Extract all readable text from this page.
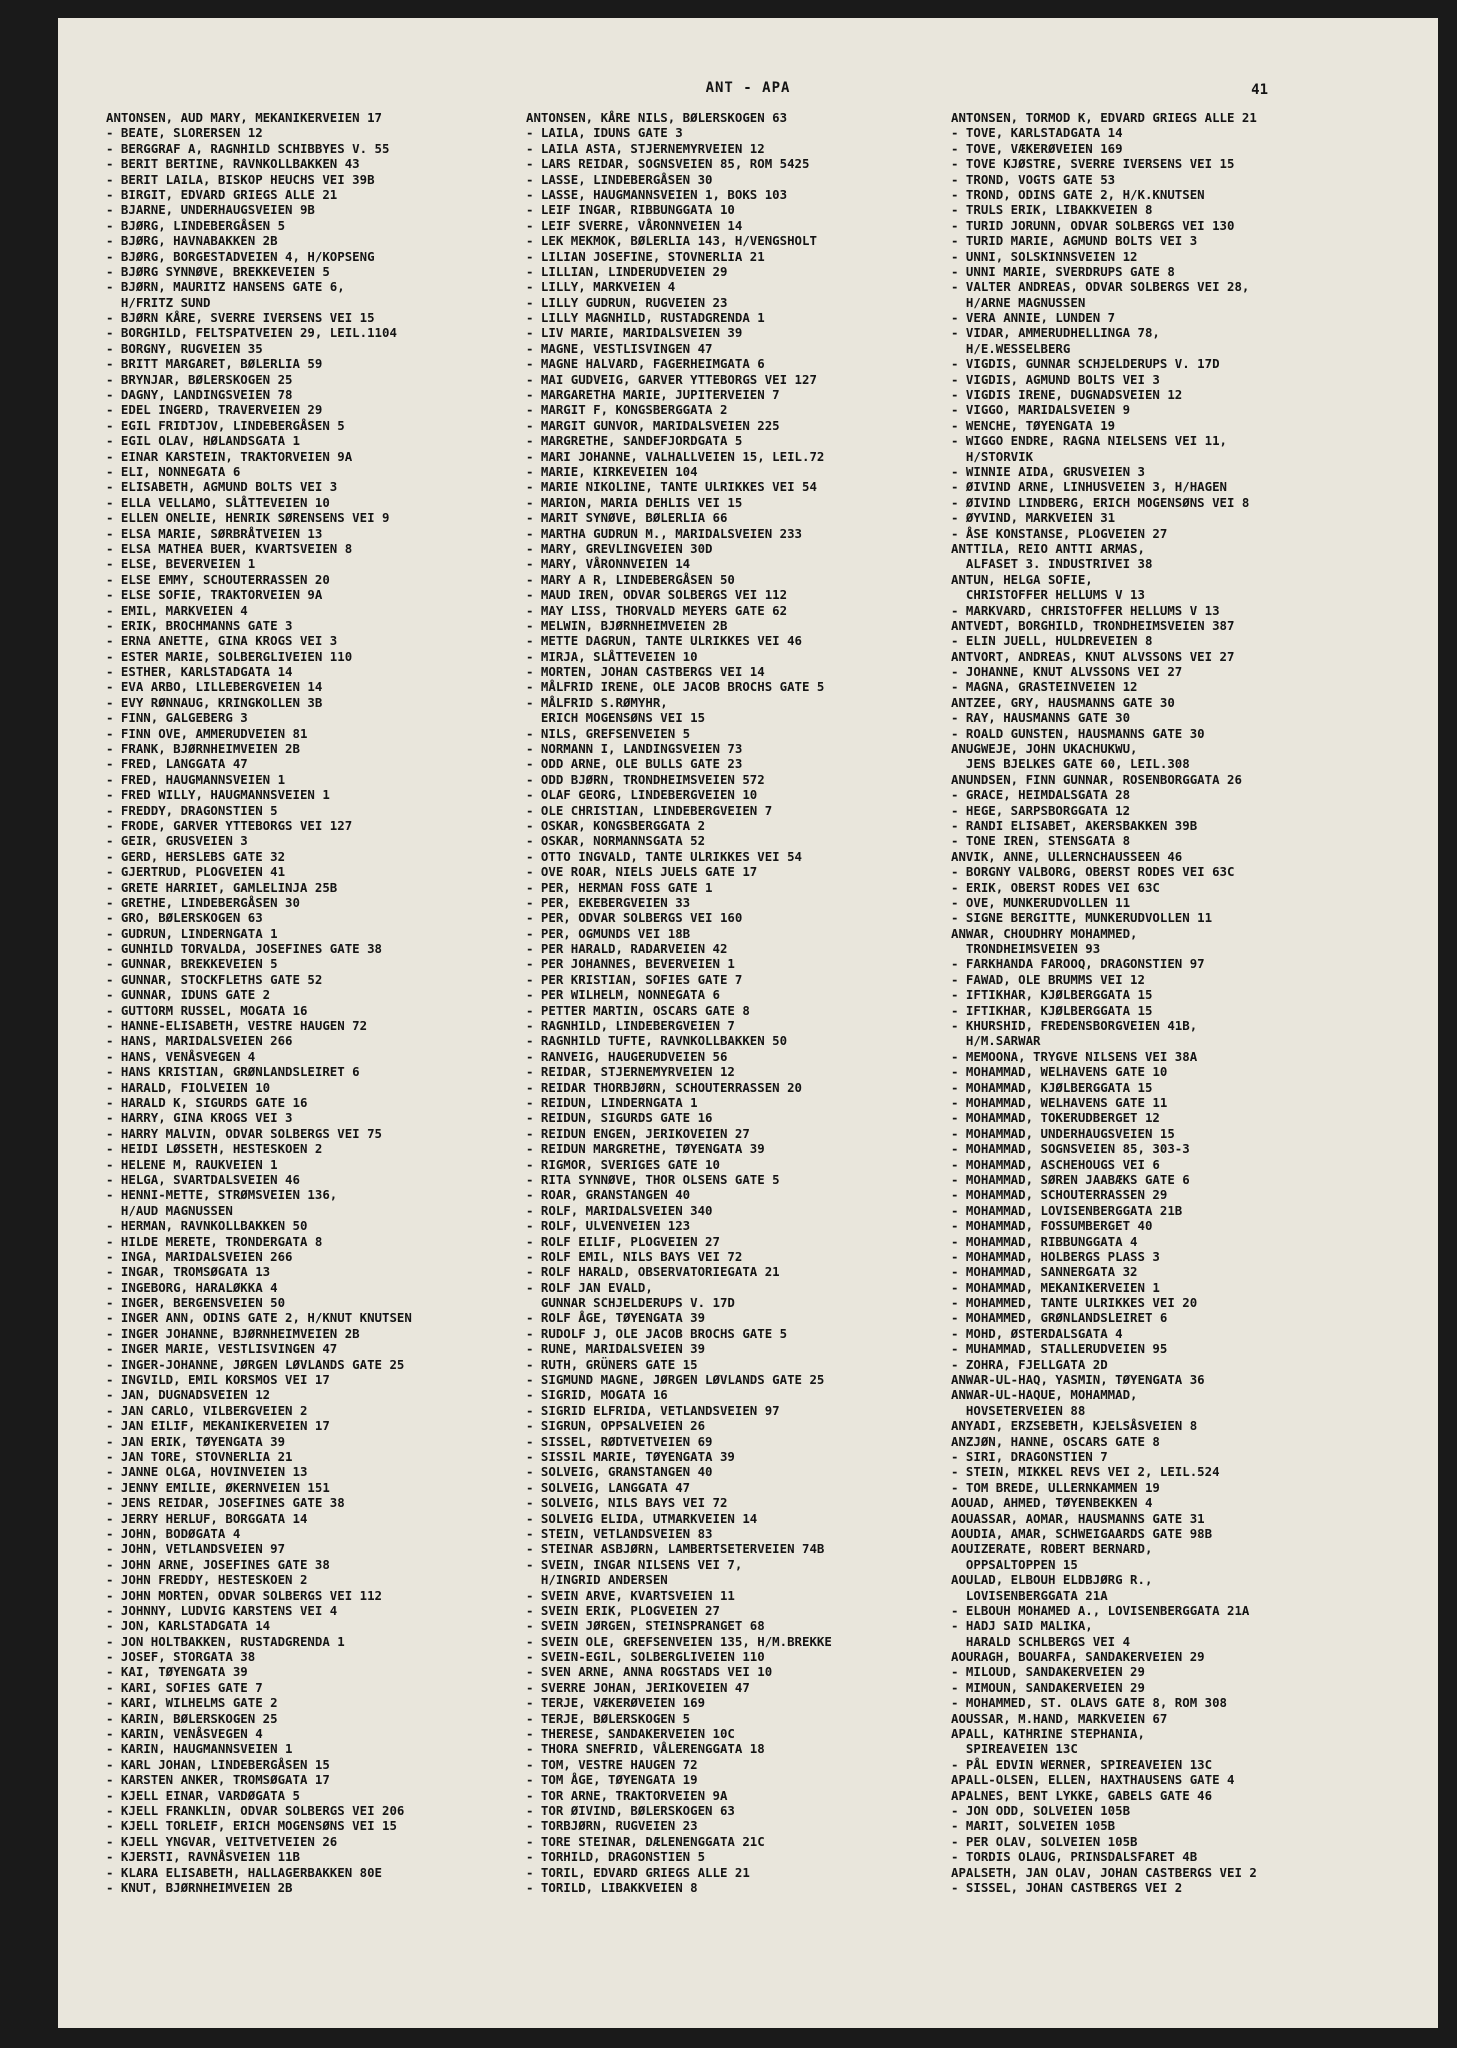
ANT - APA	41
ANTONSEN, AUD MARY, MEKANIKERVEIEN 17
- BEATE, SLORERSEN 12
- BERGGRAF A, RAGNHILD SCHIBBYES V. 55
- BERIT BERTINE, RAVNKOLLBAKKEN 43
- BERIT LAILA, BISKOP HEUCHS VEI 39B
- BIRGIT, EDVARD GRIEGS ALLE 21
- BJARNE, UNDERHAUGSVEIEN 9B
- BJØRG, LINDEBERGÅSEN 5
- BJØRG, HAVNABAKKEN 2B
- BJØRG, BORGESTADVEIEN 4, H/KOPSENG
- BJØRG SYNNØVE, BREKKEVEIEN 5
- BJØRN, MAURITZ HANSENS GATE 6,
H/FRITZ SUND
- BJØRN KÅRE, SVERRE IVERSENS VEI 15
- BORGHILD, FELTSPATVEIEN 29, LEIL.1104
- BORGNY, RUGVEIEN 35
- BRITT MARGARET, BØLERLIA 59
- BRYNJAR, BØLERSKOGEN 25
- DAGNY, LANDINGSVEIEN 78
- EDEL INGERD, TRAVERVEIEN 29
- EGIL FRIDTJOV, LINDEBERGÅSEN 5
- EGIL OLAV, HØLANDSGATA 1
- EINAR KARSTEIN, TRAKTORVEIEN 9A
- ELI, NONNEGATA 6
- ELISABETH, AGMUND BOLTS VEI 3
- ELLA VELLAMO, SLÅTTEVEIEN 10
- ELLEN ONELIE, HENRIK SØRENSENS VEI 9
- ELSA MARIE, SØRBRÅTVEIEN 13
- ELSA MATHEA BUER, KVARTSVEIEN 8
- ELSE, BEVERVEIEN 1
- ELSE EMMY, SCHOUTERRASSEN 20
- ELSE SOFIE, TRAKTORVEIEN 9A
- EMIL, MARKVEIEN 4
- ERIK, BROCHMANNS GATE 3
- ERNA ANETTE, GINA KROGS VEI 3
- ESTER MARIE, SOLBERGLIVEIEN 110
- ESTHER, KARLSTADGATA 14
- EVA ARBO, LILLEBERGVEIEN 14
- EVY RØNNAUG, KRINGKOLLEN 3B
- FINN, GALGEBERG 3
- FINN OVE, AMMERUDVEIEN 81
- FRANK, BJØRNHEIMVEIEN 2B
- FRED, LANGGATA 47
- FRED, HAUGMANNSVEIEN 1
- FRED WILLY, HAUGMANNSVEIEN 1
- FREDDY, DRAGONSTIEN 5
- FRODE, GARVER YTTEBORGS VEI 127
- GEIR, GRUSVEIEN 3
- GERD, HERSLEBS GATE 32
- GJERTRUD, PLOGVEIEN 41
- GRETE HARRIET, GAMLELINJA 25B
- GRETHE, LINDEBERGÅSEN 30
- GRO, BØLERSKOGEN 63
- GUDRUN, LINDERNGATA 1
- GUNHILD TORVALDA, JOSEFINES GATE 38
- GUNNAR, BREKKEVEIEN 5
- GUNNAR, STOCKFLETHS GATE 52
- GUNNAR, IDUNS GATE 2
- GUTTORM RUSSEL, MOGATA 16
- HANNE-ELISABETH, VESTRE HAUGEN 72
- HANS, MARIDALSVEIEN 266
- HANS, VENÅSVEGEN 4
- HANS KRISTIAN, GRØNLANDSLEIRET 6
- HARALD, FIOLVEIEN 10
- HARALD K, SIGURDS GATE 16
- HARRY, GINA KROGS VEI 3
- HARRY MALVIN, ODVAR SOLBERGS VEI 75
- HEIDI LØSSETH, HESTESKOEN 2
- HELENE M, RAUKVEIEN 1
- HELGA, SVARTDALSVEIEN 46
- HENNI-METTE, STRØMSVEIEN 136,
H/AUD MAGNUSSEN
- HERMAN, RAVNKOLLBAKKEN 50
- HILDE MERETE, TRONDERGATA 8
- INGA, MARIDALSVEIEN 266
- INGAR, TROMSØGATA 13
- INGEBORG, HARALØKKA 4
- INGER, BERGENSVEIEN 50
- INGER ANN, ODINS GATE 2, H/KNUT KNUTSEN
- INGER JOHANNE, BJØRNHEIMVEIEN 2B
- INGER MARIE, VESTLISVINGEN 47
- INGER-JOHANNE, JØRGEN LØVLANDS GATE 25
- INGVILD, EMIL KORSMOS VEI 17
- JAN, DUGNADSVEIEN 12
- JAN CARLO, VILBERGVEIEN 2
- JAN EILIF, MEKANIKERVEIEN 17
- JAN ERIK, TØYENGATA 39
- JAN TORE, STOVNERLIA 21
- JANNE OLGA, HOVINVEIEN 13
- JENNY EMILIE, ØKERNVEIEN 151
- JENS REIDAR, JOSEFINES GATE 38
- JERRY HERLUF, BORGGATA 14
- JOHN, BODØGATA 4
- JOHN, VETLANDSVEIEN 97
- JOHN ARNE, JOSEFINES GATE 38
- JOHN FREDDY, HESTESKOEN 2
- JOHN MORTEN, ODVAR SOLBERGS VEI 112
- JOHNNY, LUDVIG KARSTENS VEI 4
- JON, KARLSTADGATA 14
- JON HOLTBAKKEN, RUSTADGRENDA 1
- JOSEF, STORGATA 38
- KAI, TØYENGATA 39
- KARI, SOFIES GATE 7
- KARI, WILHELMS GATE 2
- KARIN, BØLERSKOGEN 25
- KARIN, VENÅSVEGEN 4
- KARIN, HAUGMANNSVEIEN 1
- KARL JOHAN, LINDEBERGÅSEN 15
- KARSTEN ANKER, TROMSØGATA 17
- KJELL EINAR, VARDØGATA 5
- KJELL FRANKLIN, ODVAR SOLBERGS VEI 206
- KJELL TORLEIF, ERICH MOGENSØNS VEI 15
- KJELL YNGVAR, VEITVETVEIEN 26
- KJERSTI, RAVNÅSVEIEN 11B
- KLARA ELISABETH, HALLAGERBAKKEN 80E
- KNUT, BJØRNHEIMVEIEN 2B
ANTONSEN, KÅRE NILS, BØLERSKOGEN 63
- LAILA, IDUNS GATE 3
- LAILA ASTA, STJERNEMYRVEIEN 12
- LARS REIDAR, SOGNSVEIEN 85, ROM 5425
- LASSE, LINDEBERGÅSEN 30
- LASSE, HAUGMANNSVEIEN 1, BOKS 103
- LEIF INGAR, RIBBUNGGATA 10
- LEIF SVERRE, VÅRONNVEIEN 14
- LEK MEKMOK, BØLERLIA 143, H/VENGSHOLT
- LILIAN JOSEFINE, STOVNERLIA 21
- LILLIAN, LINDERUDVEIEN 29
- LILLY, MARKVEIEN 4
- LILLY GUDRUN, RUGVEIEN 23
- LILLY MAGNHILD, RUSTADGRENDA 1
- LIV MARIE, MARIDALSVEIEN 39
- MAGNE, VESTLISVINGEN 47
- MAGNE HALVARD, FAGERHEIMGATA 6
- MAI GUDVEIG, GARVER YTTEBORGS VEI 127
- MARGARETHA MARIE, JUPITERVEIEN 7
- MARGIT F, KONGSBERGGATA 2
- MARGIT GUNVOR, MARIDALSVEIEN 225
- MARGRETHE, SANDEFJORDGATA 5
- MARI JOHANNE, VALHALLVEIEN 15, LEIL.72
- MARIE, KIRKEVEIEN 104
- MARIE NIKOLINE, TANTE ULRIKKES VEI 54
- MARION, MARIA DEHLIS VEI 15
- MARIT SYNØVE, BØLERLIA 66
- MARTHA GUDRUN M., MARIDALSVEIEN 233
- MARY, GREVLINGVEIEN 30D
- MARY, VÅRONNVEIEN 14
- MARY A R, LINDEBERGÅSEN 50
- MAUD IREN, ODVAR SOLBERGS VEI 112
- MAY LISS, THORVALD MEYERS GATE 62
- MELWIN, BJØRNHEIMVEIEN 2B
- METTE DAGRUN, TANTE ULRIKKES VEI 46
- MIRJA, SLÅTTEVEIEN 10
- MORTEN, JOHAN CASTBERGS VEI 14
- MÅLFRID IRENE, OLE JACOB BROCHS GATE 5
- MÅLFRID S.RØMYHR,
ERICH MOGENSØNS VEI 15
- NILS, GREFSENVEIEN 5
- NORMANN I, LANDINGSVEIEN 73
- ODD ARNE, OLE BULLS GATE 23
- ODD BJØRN, TRONDHEIMSVEIEN 572
- OLAF GEORG, LINDEBERGVEIEN 10
- OLE CHRISTIAN, LINDEBERGVEIEN 7
- OSKAR, KONGSBERGGATA 2
- OSKAR, NORMANNSGATA 52
- OTTO INGVALD, TANTE ULRIKKES VEI 54
- OVE ROAR, NIELS JUELS GATE 17
- PER, HERMAN FOSS GATE 1
- PER, EKEBERGVEIEN 33
- PER, ODVAR SOLBERGS VEI 160
- PER, OGMUNDS VEI 18B
- PER HARALD, RADARVEIEN 42
- PER JOHANNES, BEVERVEIEN 1
- PER KRISTIAN, SOFIES GATE 7
- PER WILHELM, NONNEGATA 6
- PETTER MARTIN, OSCARS GATE 8
- RAGNHILD, LINDEBERGVEIEN 7
- RAGNHILD TUFTE, RAVNKOLLBAKKEN 50
- RANVEIG, HAUGERUDVEIEN 56
- REIDAR, STJERNEMYRVEIEN 12
- REIDAR THORBJØRN, SCHOUTERRASSEN 20
- REIDUN, LINDERNGATA 1
- REIDUN, SIGURDS GATE 16
- REIDUN ENGEN, JERIKOVEIEN 27
- REIDUN MARGRETHE, TØYENGATA 39
- RIGMOR, SVERIGES GATE 10
- RITA SYNNØVE, THOR OLSENS GATE 5
- ROAR, GRANSTANGEN 40
- ROLF, MARIDALSVEIEN 340
- ROLF, ULVENVEIEN 123
- ROLF EILIF, PLOGVEIEN 27
- ROLF EMIL, NILS BAYS VEI 72
- ROLF HARALD, OBSERVATORIEGATA 21
- ROLF JAN EVALD,
GUNNAR SCHJELDERUPS V. 17D
- ROLF ÅGE, TØYENGATA 39
- RUDOLF J, OLE JACOB BROCHS GATE 5
- RUNE, MARIDALSVEIEN 39
- RUTH, GRÜNERS GATE 15
- SIGMUND MAGNE, JØRGEN LØVLANDS GATE 25
- SIGRID, MOGATA 16
- SIGRID ELFRIDA, VETLANDSVEIEN 97
- SIGRUN, OPPSALVEIEN 26
- SISSEL, RØDTVETVEIEN 69
- SISSIL MARIE, TØYENGATA 39
- SOLVEIG, GRANSTANGEN 40
- SOLVEIG, LANGGATA 47
- SOLVEIG, NILS BAYS VEI 72
- SOLVEIG ELIDA, UTMARKVEIEN 14
- STEIN, VETLANDSVEIEN 83
- STEINAR ASBJØRN, LAMBERTSETERVEIEN 74B
- SVEIN, INGAR NILSENS VEI 7,
H/INGRID ANDERSEN
- SVEIN ARVE, KVARTSVEIEN 11
- SVEIN ERIK, PLOGVEIEN 27
- SVEIN JØRGEN, STEINSPRANGET 68
- SVEIN OLE, GREFSENVEIEN 135, H/M.BREKKE
- SVEIN-EGIL, SOLBERGLIVEIEN 110
- SVEN ARNE, ANNA ROGSTADS VEI 10
- SVERRE JOHAN, JERIKOVEIEN 47
- TERJE, VÆKERØVEIEN 169
- TERJE, BØLERSKOGEN 5
- THERESE, SANDAKERVEIEN 10C
- THORA SNEFRID, VÅLERENGGATA 18
- TOM, VESTRE HAUGEN 72
- TOM ÅGE, TØYENGATA 19
- TOR ARNE, TRAKTORVEIEN 9A
- TOR ØIVIND, BØLERSKOGEN 63
- TORBJØRN, RUGVEIEN 23
- TORE STEINAR, DÆLENENGGATA 21C
- TORHILD, DRAGONSTIEN 5
- TORIL, EDVARD GRIEGS ALLE 21
- TORILD, LIBAKKVEIEN 8
ANTONSEN, TORMOD K, EDVARD GRIEGS ALLE 21
- TOVE, KARLSTADGATA 14
- TOVE, VÆKERØVEIEN 169
- TOVE KJØSTRE, SVERRE IVERSENS VEI 15
- TROND, VOGTS GATE 53
- TROND, ODINS GATE 2, H/K.KNUTSEN
- TRULS ERIK, LIBAKKVEIEN 8
- TURID JORUNN, ODVAR SOLBERGS VEI 130
- TURID MARIE, AGMUND BOLTS VEI 3
- UNNI, SOLSKINNSVEIEN 12
- UNNI MARIE, SVERDRUPS GATE 8
- VALTER ANDREAS, ODVAR SOLBERGS VEI 28,
H/ARNE MAGNUSSEN
- VERA ANNIE, LUNDEN 7
- VIDAR, AMMERUDHELLINGA 78,
H/E.WESSELBERG
- VIGDIS, GUNNAR SCHJELDERUPS V. 17D
- VIGDIS, AGMUND BOLTS VEI 3
- VIGDIS IRENE, DUGNADSVEIEN 12
- VIGGO, MARIDALSVEIEN 9
- WENCHE, TØYENGATA 19
- WIGGO ENDRE, RAGNA NIELSENS VEI 11,
H/STORVIK
- WINNIE AIDA, GRUSVEIEN 3
- ØIVIND ARNE, LINHUSVEIEN 3, H/HAGEN
- ØIVIND LINDBERG, ERICH MOGENSØNS VEI 8
- ØYVIND, MARKVEIEN 31
- ÅSE KONSTANSE, PLOGVEIEN 27
ANTTILA, REIO ANTTI ARMAS,
ALFASET 3. INDUSTRIVEI 38
ANTUN, HELGA SOFIE,
CHRISTOFFER HELLUMS V 13
- MARKVARD, CHRISTOFFER HELLUMS V 13
ANTVEDT, BORGHILD, TRONDHEIMSVEIEN 387
- ELIN JUELL, HULDREVEIEN 8
ANTVORT, ANDREAS, KNUT ALVSSONS VEI 27
- JOHANNE, KNUT ALVSSONS VEI 27
- MAGNA, GRASTEINVEIEN 12
ANTZEE, GRY, HAUSMANNS GATE 30
- RAY, HAUSMANNS GATE 30
- ROALD GUNSTEN, HAUSMANNS GATE 30
ANUGWEJE, JOHN UKACHUKWU,
JENS BJELKES GATE 60, LEIL.308
ANUNDSEN, FINN GUNNAR, ROSENBORGGATA 26
- GRACE, HEIMDALSGATA 28
- HEGE, SARPSBORGGATA 12
- RANDI ELISABET, AKERSBAKKEN 39B
- TONE IREN, STENSGATA 8
ANVIK, ANNE, ULLERNCHAUSSEEN 46
- BORGNY VALBORG, OBERST RODES VEI 63C
- ERIK, OBERST RODES VEI 63C
- OVE, MUNKERUDVOLLEN 11
- SIGNE BERGITTE, MUNKERUDVOLLEN 11
ANWAR, CHOUDHRY MOHAMMED,
TRONDHEIMSVEIEN 93
- FARKHANDA FAROOQ, DRAGONSTIEN 97
- FAWAD, OLE BRUMMS VEI 12
- IFTIKHAR, KJØLBERGGATA 15
- IFTIKHAR, KJØLBERGGATA 15
- KHURSHID, FREDENSBORGVEIEN 41B,
H/M.SARWAR
- MEMOONA, TRYGVE NILSENS VEI 38A
- MOHAMMAD, WELHAVENS GATE 10
- MOHAMMAD, KJØLBERGGATA 15
- MOHAMMAD, WELHAVENS GATE 11
- MOHAMMAD, TOKERUDBERGET 12
- MOHAMMAD, UNDERHAUGSVEIEN 15
- MOHAMMAD, SOGNSVEIEN 85, 303-3
- MOHAMMAD, ASCHEHOUGS VEI 6
- MOHAMMAD, SØREN JAABÆKS GATE 6
- MOHAMMAD, SCHOUTERRASSEN 29
- MOHAMMAD, LOVISENBERGGATA 21B
- MOHAMMAD, FOSSUMBERGET 40
- MOHAMMAD, RIBBUNGGATA 4
- MOHAMMAD, HOLBERGS PLASS 3
- MOHAMMAD, SANNERGATA 32
- MOHAMMAD, MEKANIKERVEIEN 1
- MOHAMMED, TANTE ULRIKKES VEI 20
- MOHAMMED, GRØNLANDSLEIRET 6
- MOHD, ØSTERDALSGATA 4
- MUHAMMAD, STALLERUDVEIEN 95
- ZOHRA, FJELLGATA 2D
ANWAR-UL-HAQ, YASMIN, TØYENGATA 36
ANWAR-UL-HAQUE, MOHAMMAD,
HOVSETERVEIEN 88
ANYADI, ERZSEBETH, KJELSÅSVEIEN 8
ANZJØN, HANNE, OSCARS GATE 8
- SIRI, DRAGONSTIEN 7
- STEIN, MIKKEL REVS VEI 2, LEIL.524
- TOM BREDE, ULLERNKAMMEN 19
AOUAD, AHMED, TØYENBEKKEN 4
AOUASSAR, AOMAR, HAUSMANNS GATE 31
AOUDIA, AMAR, SCHWEIGAARDS GATE 98B
AOUIZERATE, ROBERT BERNARD,
OPPSALTOPPEN 15
AOULAD, ELBOUH ELDBJØRG R.,
LOVISENBERGGATA 21A
- ELBOUH MOHAMED A., LOVISENBERGGATA 21A
- HADJ SAID MALIKA,
HARALD SCHLBERGS VEI 4
AOURAGH, BOUARFA, SANDAKERVEIEN 29
- MILOUD, SANDAKERVEIEN 29
- MIMOUN, SANDAKERVEIEN 29
- MOHAMMED, ST. OLAVS GATE 8, ROM 308
AOUSSAR, M.HAND, MARKVEIEN 67
APALL, KATHRINE STEPHANIA,
SPIREAVEIEN 13C
- PÅL EDVIN WERNER, SPIREAVEIEN 13C
APALL-OLSEN, ELLEN, HAXTHAUSENS GATE 4
APALNES, BENT LYKKE, GABELS GATE 46
- JON ODD, SOLVEIEN 105B
- MARIT, SOLVEIEN 105B
- PER OLAV, SOLVEIEN 105B
- TORDIS OLAUG, PRINSDALSFARET 4B
APALSETH, JAN OLAV, JOHAN CASTBERGS VEI 2
- SISSEL, JOHAN CASTBERGS VEI 2
